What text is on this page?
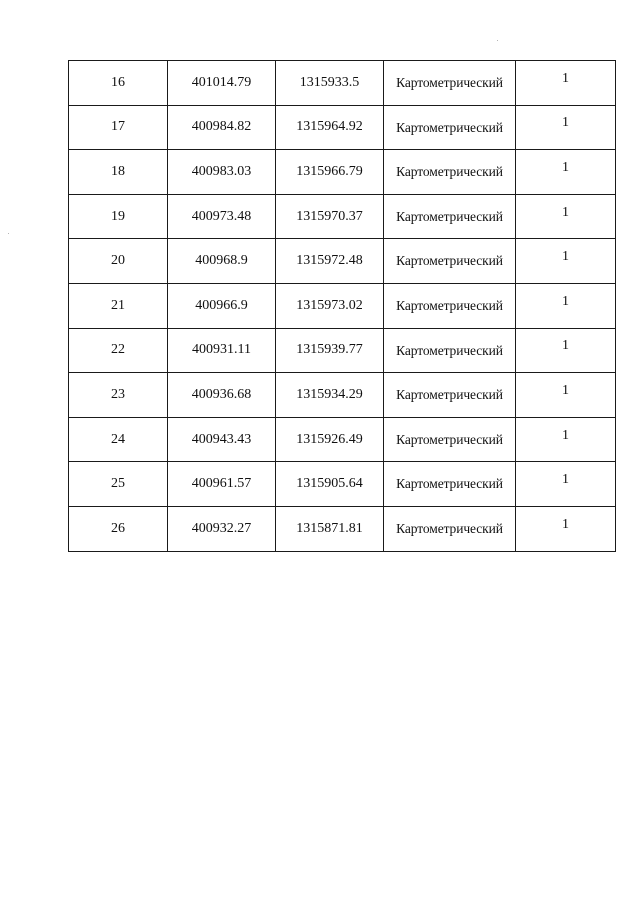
16	401014.79	1315933.5	Картометрический	1
17	400984.82	1315964.92	Картометрический	1
18	400983.03	1315966.79	Картометрический	1
19	400973.48	1315970.37	Картометрический	1
20	400968.9	1315972.48	Картометрический	1
21	400966.9	1315973.02	Картометрический	1
22	400931.11	1315939.77	Картометрический	1
23	400936.68	1315934.29	Картометрический	1
24	400943.43	1315926.49	Картометрический	1
25	400961.57	1315905.64	Картометрический	1
26	400932.27	1315871.81	Картометрический	1
